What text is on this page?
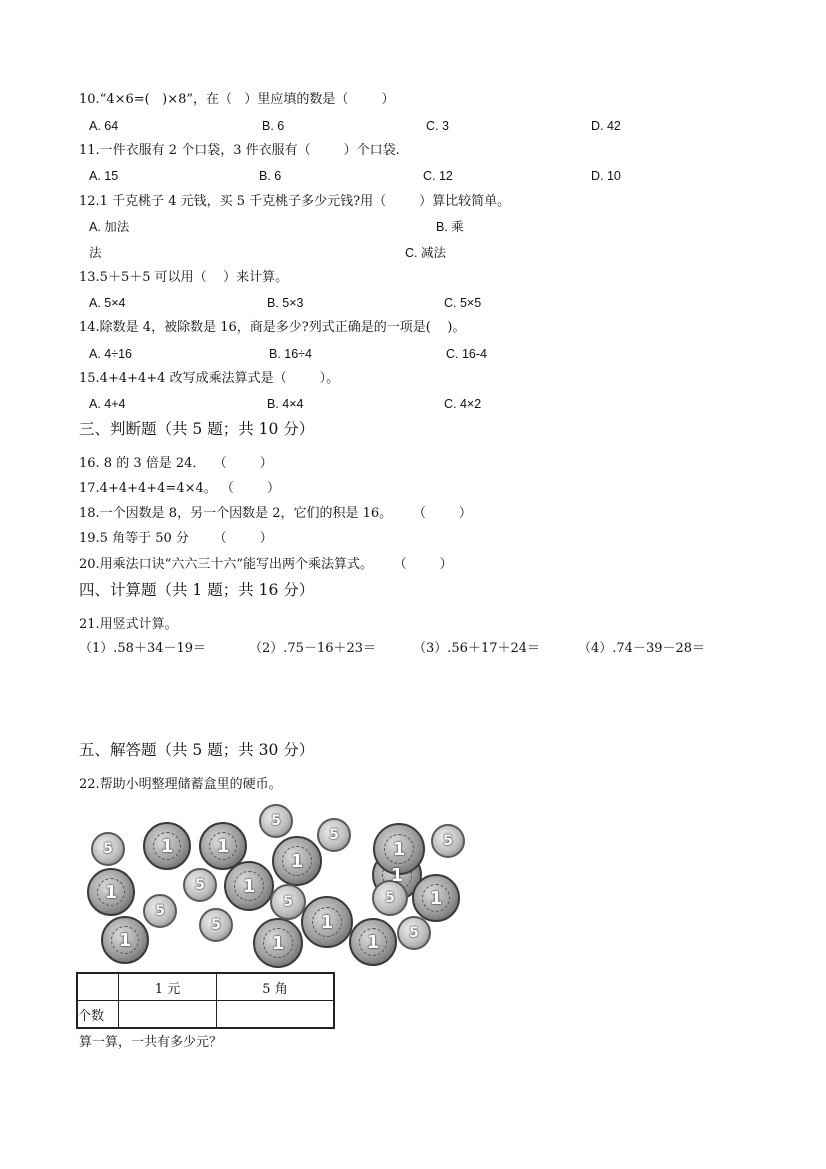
10.“4×6=(   )×8”，在（   ）里应填的数是（        ）
A. 64	B. 6	C. 3	D. 42
11.一件衣服有 2 个口袋，3 件衣服有（        ）个口袋.
A. 15	B. 6	C. 12	D. 10
12.1 千克桃子 4 元钱，买 5 千克桃子多少元钱?用（        ）算比较简单。
A. 加法	B. 乘
法	C. 减法
13.5＋5＋5 可以用（    ）来计算。
A. 5×4	B. 5×3	C. 5×5
14.除数是 4，被除数是 16，商是多少?列式正确是的一项是(    )。
A. 4÷16	B. 16÷4	C. 16-4
15.4+4+4+4 改写成乘法算式是（        ）。
A. 4+4	B. 4×4	C. 4×2
三、判断题（共 5 题；共 10 分）
16. 8 的 3 倍是 24．  （        ）
17.4+4+4+4=4×4。 （        ）
18.一个因数是 8，另一个因数是 2，它们的积是 16。     （        ）
19.5 角等于 50 分      （        ）
20.用乘法口诀“六六三十六”能写出两个乘法算式。     （        ）
四、计算题（共 1 题；共 16 分）
21.用竖式计算。
（1）.58＋34－19＝	（2）.75－16＋23＝	（3）.56＋17＋24＝	（4）.74－39－28＝
五、解答题（共 5 题；共 30 分）
22.帮助小明整理储蓄盒里的硬币。
1	1
1
1
1
1	1
1
1
1	1	1
5
5
5	5
5
5
5
5
5	5
	1 元	5 角
个数		
算一算，一共有多少元？
